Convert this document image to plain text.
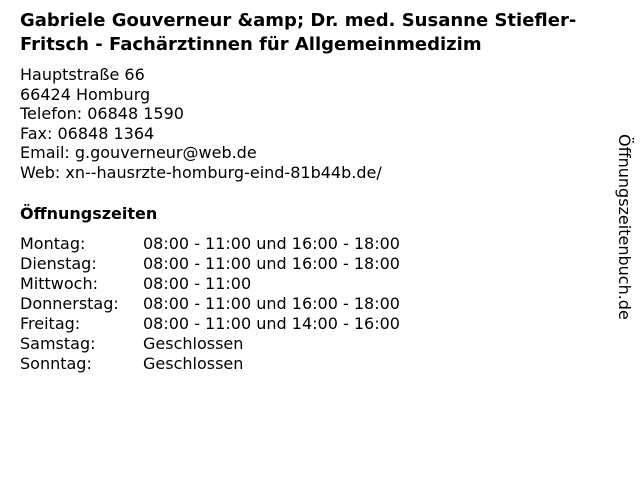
Gabriele Gouverneur &amp; Dr. med. Susanne Stiefler-Fritsch - Fachärztinnen für Allgemeinmedizim
Hauptstraße 66
66424 Homburg
Telefon: 06848 1590
Fax: 06848 1364
Email: g.gouverneur@web.de
Web: xn--hausrzte-homburg-eind-81b44b.de/
Öffnungszeiten
Montag:	08:00 - 11:00 und 16:00 - 18:00
Dienstag:	08:00 - 11:00 und 16:00 - 18:00
Mittwoch:	08:00 - 11:00
Donnerstag:	08:00 - 11:00 und 16:00 - 18:00
Freitag:	08:00 - 11:00 und 14:00 - 16:00
Samstag:	Geschlossen
Sonntag:	Geschlossen
Öffnungszeitenbuch.de
